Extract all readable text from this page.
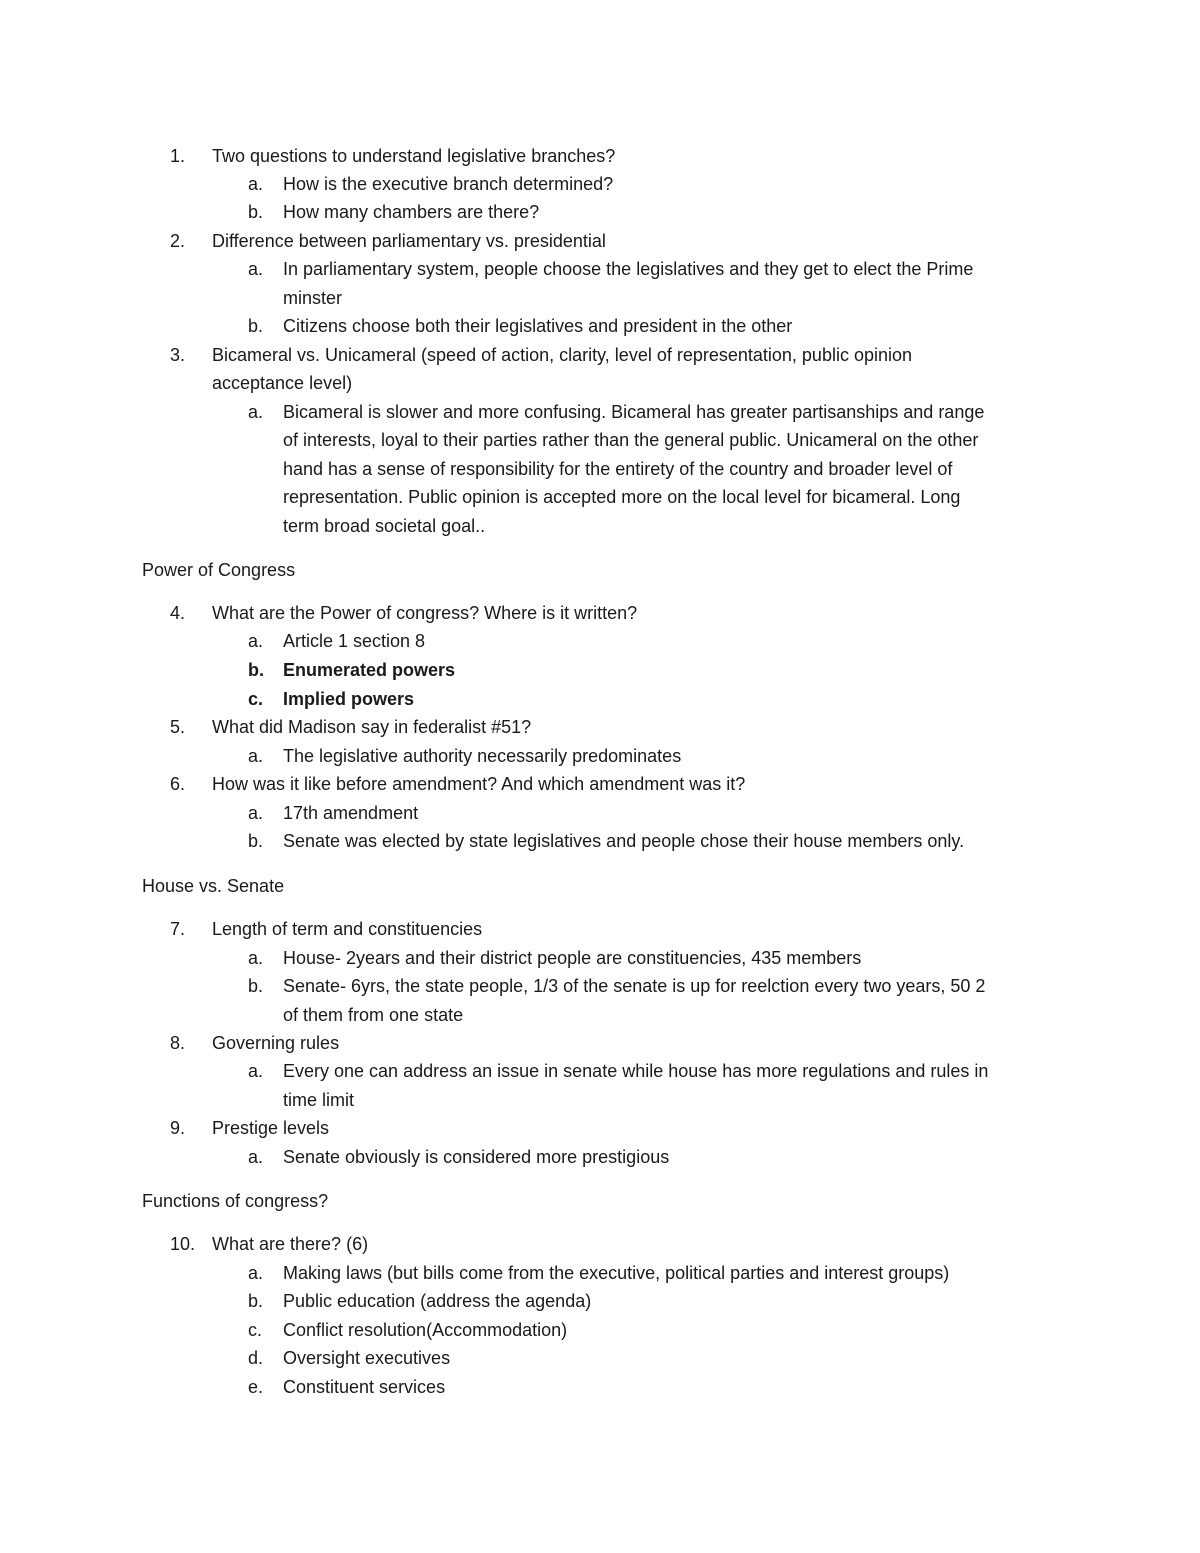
1.	Two questions to understand legislative branches?
a.	How is the executive branch determined?
b.	How many chambers are there?
2.	Difference between parliamentary vs. presidential
a.	In parliamentary system, people choose the legislatives and they get to elect the Prime
minster
b.	Citizens choose both their legislatives and president in the other
3.	Bicameral vs. Unicameral (speed of action, clarity, level of representation, public opinion
acceptance level)
a.	Bicameral is slower and more confusing. Bicameral has greater partisanships and range
of interests, loyal to their parties rather than the general public. Unicameral on the other
hand has a sense of responsibility for the entirety of the country and broader level of
representation. Public opinion is accepted more on the local level for bicameral. Long
term broad societal goal..
Power of Congress
4.	What are the Power of congress? Where is it written?
a.	Article 1 section 8
b.	Enumerated powers
c.	Implied powers
5.	What did Madison say in federalist #51?
a.	The legislative authority necessarily predominates
6.	How was it like before amendment? And which amendment was it?
a.	17th amendment
b.	Senate was elected by state legislatives and people chose their house members only.
House vs. Senate
7.	Length of term and constituencies
a.	House- 2years and their district people are constituencies, 435 members
b.	Senate- 6yrs, the state people, 1/3 of the senate is up for reelction every two years, 50 2
of them from one state
8.	Governing rules
a.	Every one can address an issue in senate while house has more regulations and rules in
time limit
9.	Prestige levels
a.	Senate obviously is considered more prestigious
Functions of congress?
10. What are there? (6)
a.	Making laws (but bills come from the executive, political parties and interest groups)
b.	Public education (address the agenda)
c.	Conflict resolution(Accommodation)
d.	Oversight executives
e.	Constituent services
